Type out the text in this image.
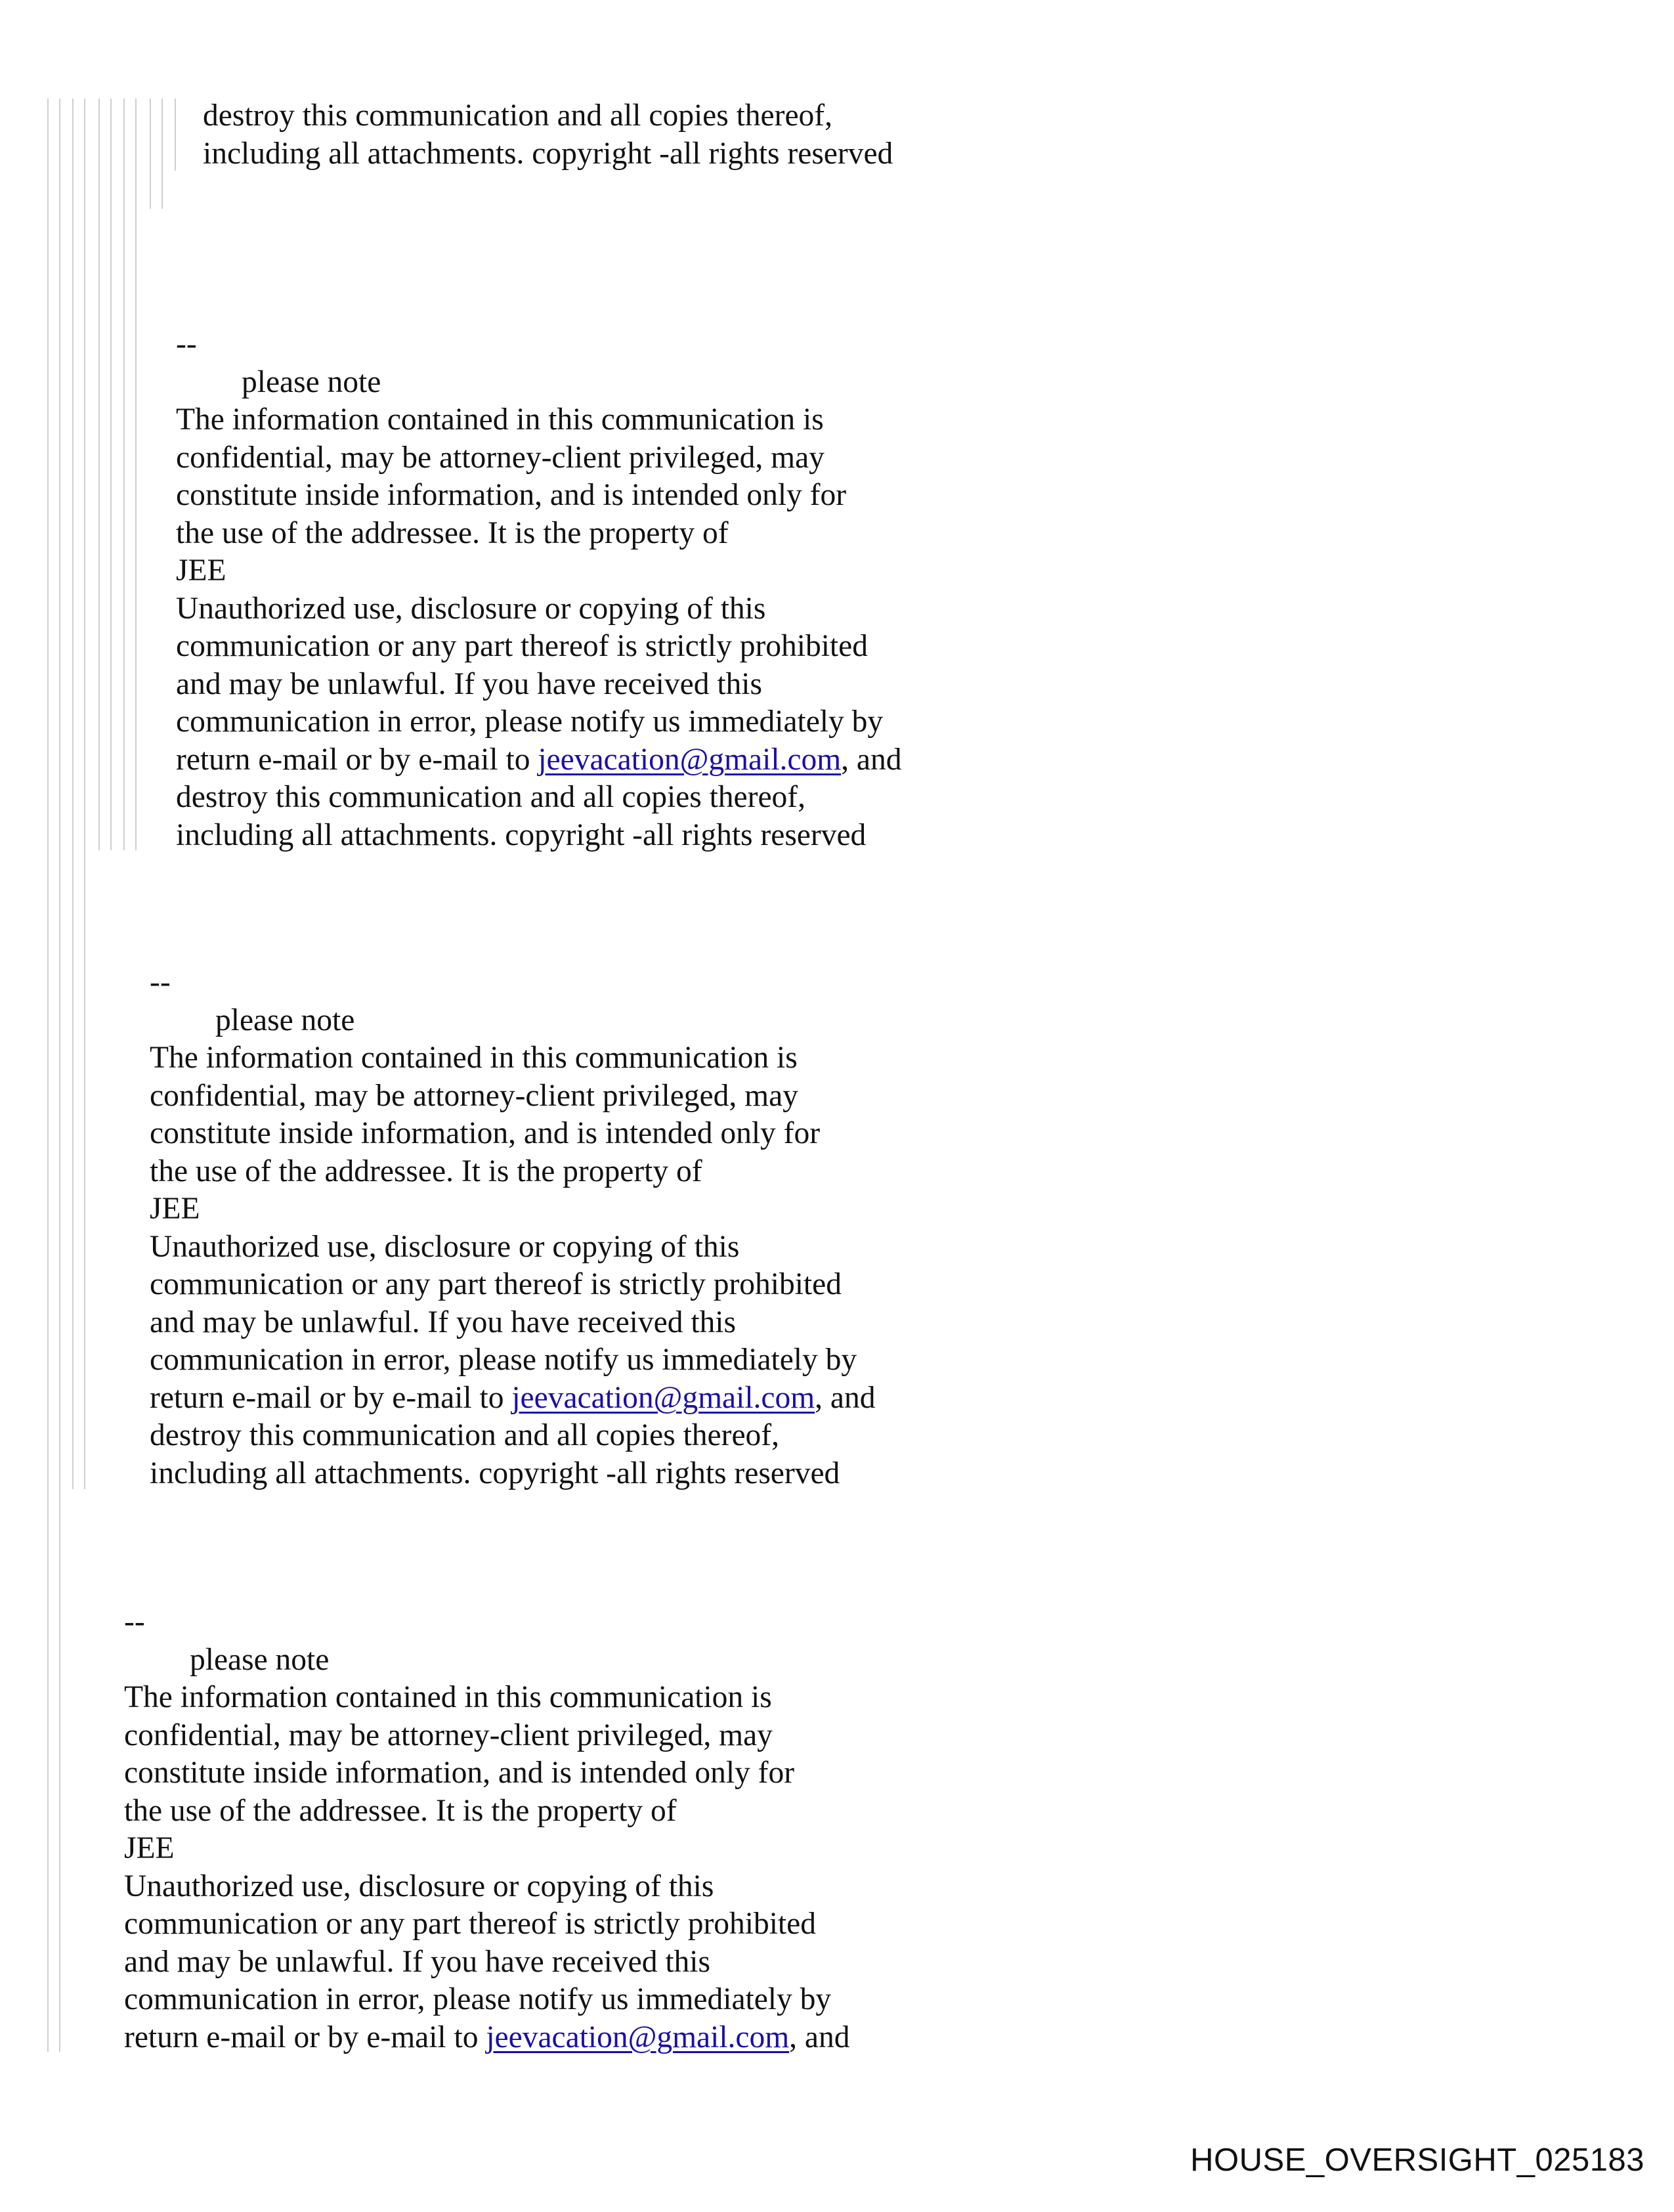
destroy this communication and all copies thereof,
including all attachments. copyright -all rights reserved
--
please note
The information contained in this communication is
confidential, may be attorney-client privileged, may
constitute inside information, and is intended only for
the use of the addressee. It is the property of
JEE
Unauthorized use, disclosure or copying of this
communication or any part thereof is strictly prohibited
and may be unlawful. If you have received this
communication in error, please notify us immediately by
return e-mail or by e-mail to jeevacation@gmail.com, and
destroy this communication and all copies thereof,
including all attachments. copyright -all rights reserved
--
please note
The information contained in this communication is
confidential, may be attorney-client privileged, may
constitute inside information, and is intended only for
the use of the addressee. It is the property of
JEE
Unauthorized use, disclosure or copying of this
communication or any part thereof is strictly prohibited
and may be unlawful. If you have received this
communication in error, please notify us immediately by
return e-mail or by e-mail to jeevacation@gmail.com, and
destroy this communication and all copies thereof,
including all attachments. copyright -all rights reserved
--
please note
The information contained in this communication is
confidential, may be attorney-client privileged, may
constitute inside information, and is intended only for
the use of the addressee. It is the property of
JEE
Unauthorized use, disclosure or copying of this
communication or any part thereof is strictly prohibited
and may be unlawful. If you have received this
communication in error, please notify us immediately by
return e-mail or by e-mail to jeevacation@gmail.com, and
HOUSE_OVERSIGHT_025183
